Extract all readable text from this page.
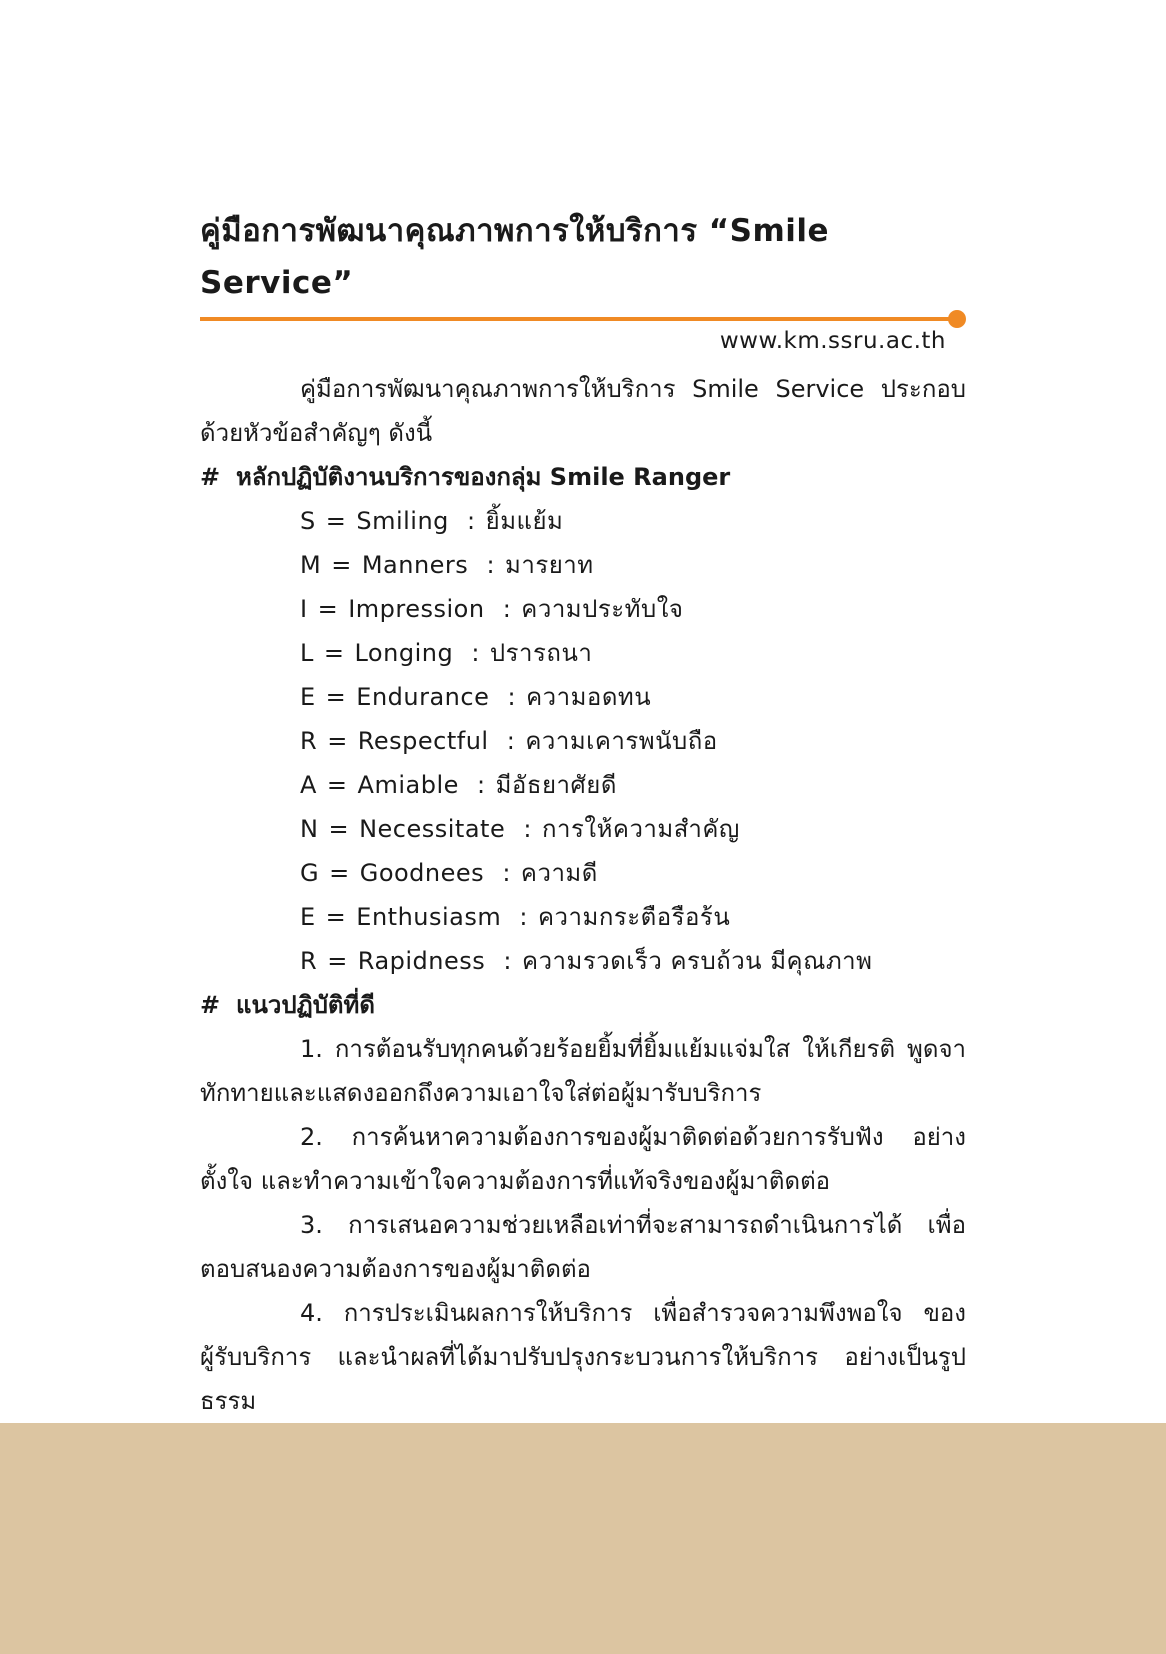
คู่มือการพัฒนาคุณภาพการให้บริการ “Smile Service”
www.km.ssru.ac.th

คู่มือการพัฒนาคุณภาพการให้บริการ Smile Service ประกอบด้วยหัวข้อสำคัญๆ ดังนี้

# หลักปฏิบัติงานบริการของกลุ่ม Smile Ranger
S = Smiling : ยิ้มแย้ม
M = Manners : มารยาท
I = Impression : ความประทับใจ
L = Longing : ปรารถนา
E = Endurance : ความอดทน
R = Respectful : ความเคารพนับถือ
A = Amiable : มีอัธยาศัยดี
N = Necessitate : การให้ความสำคัญ
G = Goodnees : ความดี
E = Enthusiasm : ความกระตือรือร้น
R = Rapidness : ความรวดเร็ว ครบถ้วน มีคุณภาพ
# แนวปฏิบัติที่ดี
1. การต้อนรับทุกคนด้วยร้อยยิ้มที่ยิ้มแย้มแจ่มใส ให้เกียรติ พูดจาทักทายและแสดงออกถึงความเอาใจใส่ต่อผู้มารับบริการ
2. การค้นหาความต้องการของผู้มาติดต่อด้วยการรับฟัง อย่างตั้งใจ และทำความเข้าใจความต้องการที่แท้จริงของผู้มาติดต่อ
3. การเสนอความช่วยเหลือเท่าที่จะสามารถดำเนินการได้ เพื่อตอบสนองความต้องการของผู้มาติดต่อ
4. การประเมินผลการให้บริการ เพื่อสำรวจความพึงพอใจ ของผู้รับบริการ และนำผลที่ได้มาปรับปรุงกระบวนการให้บริการ อย่างเป็นรูปธรรม
